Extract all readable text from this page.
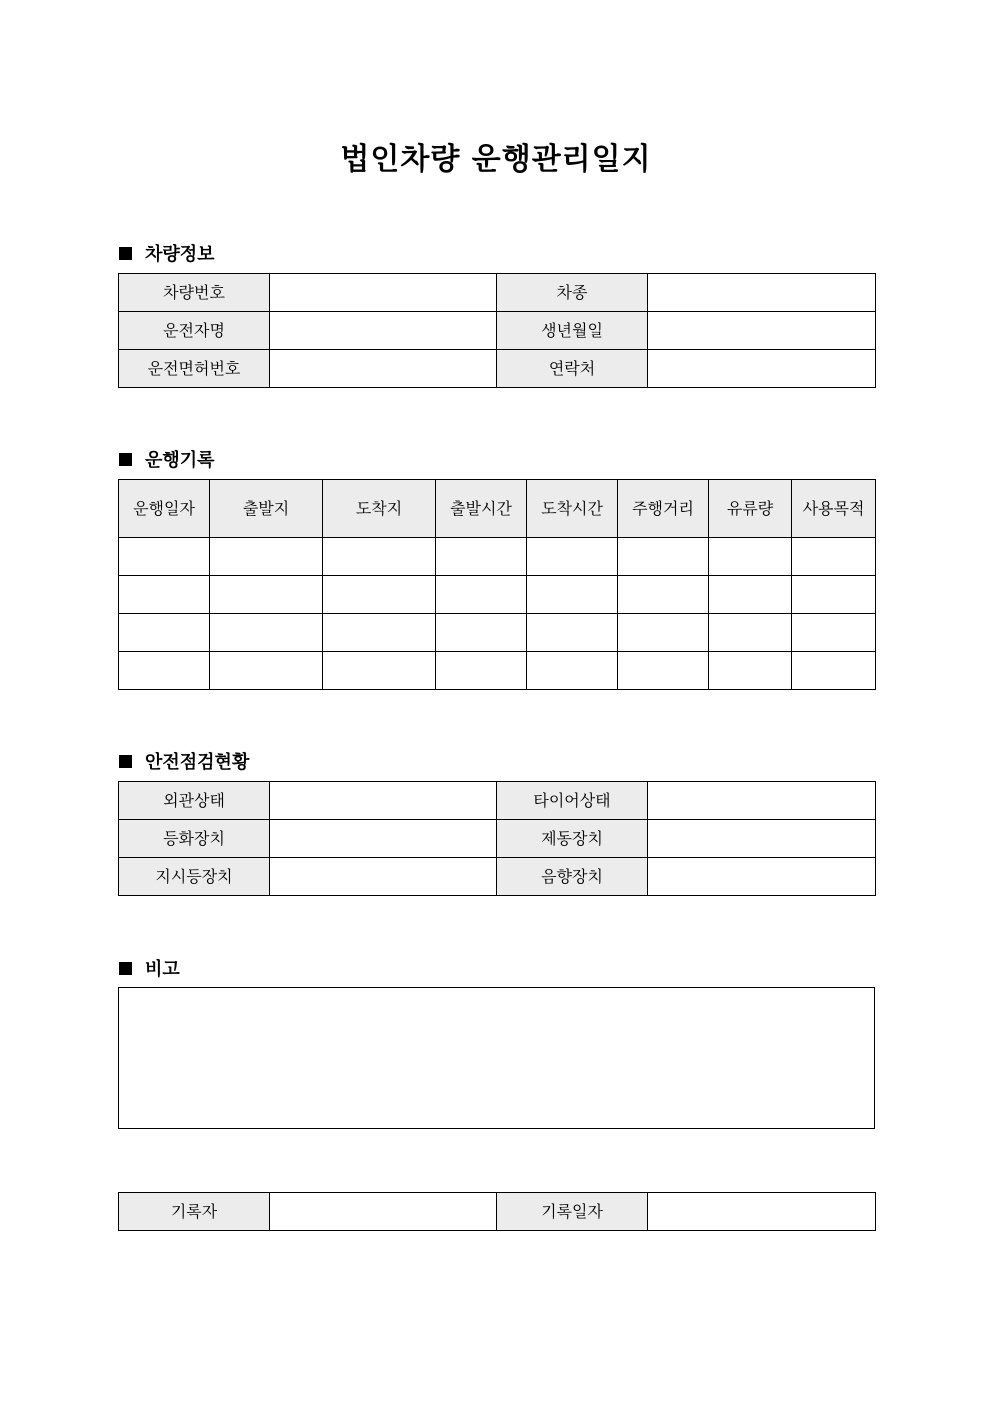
법인차량 운행관리일지
차량정보
차량번호		차종	
운전자명		생년월일	
운전면허번호		연락처	
운행기록
운행일자	출발지	도착지	출발시간	도착시간	주행거리	유류량	사용목적

안전점검현황
외관상태		타이어상태	
등화장치		제동장치	
지시등장치		음향장치	
비고
기록자		기록일자	
